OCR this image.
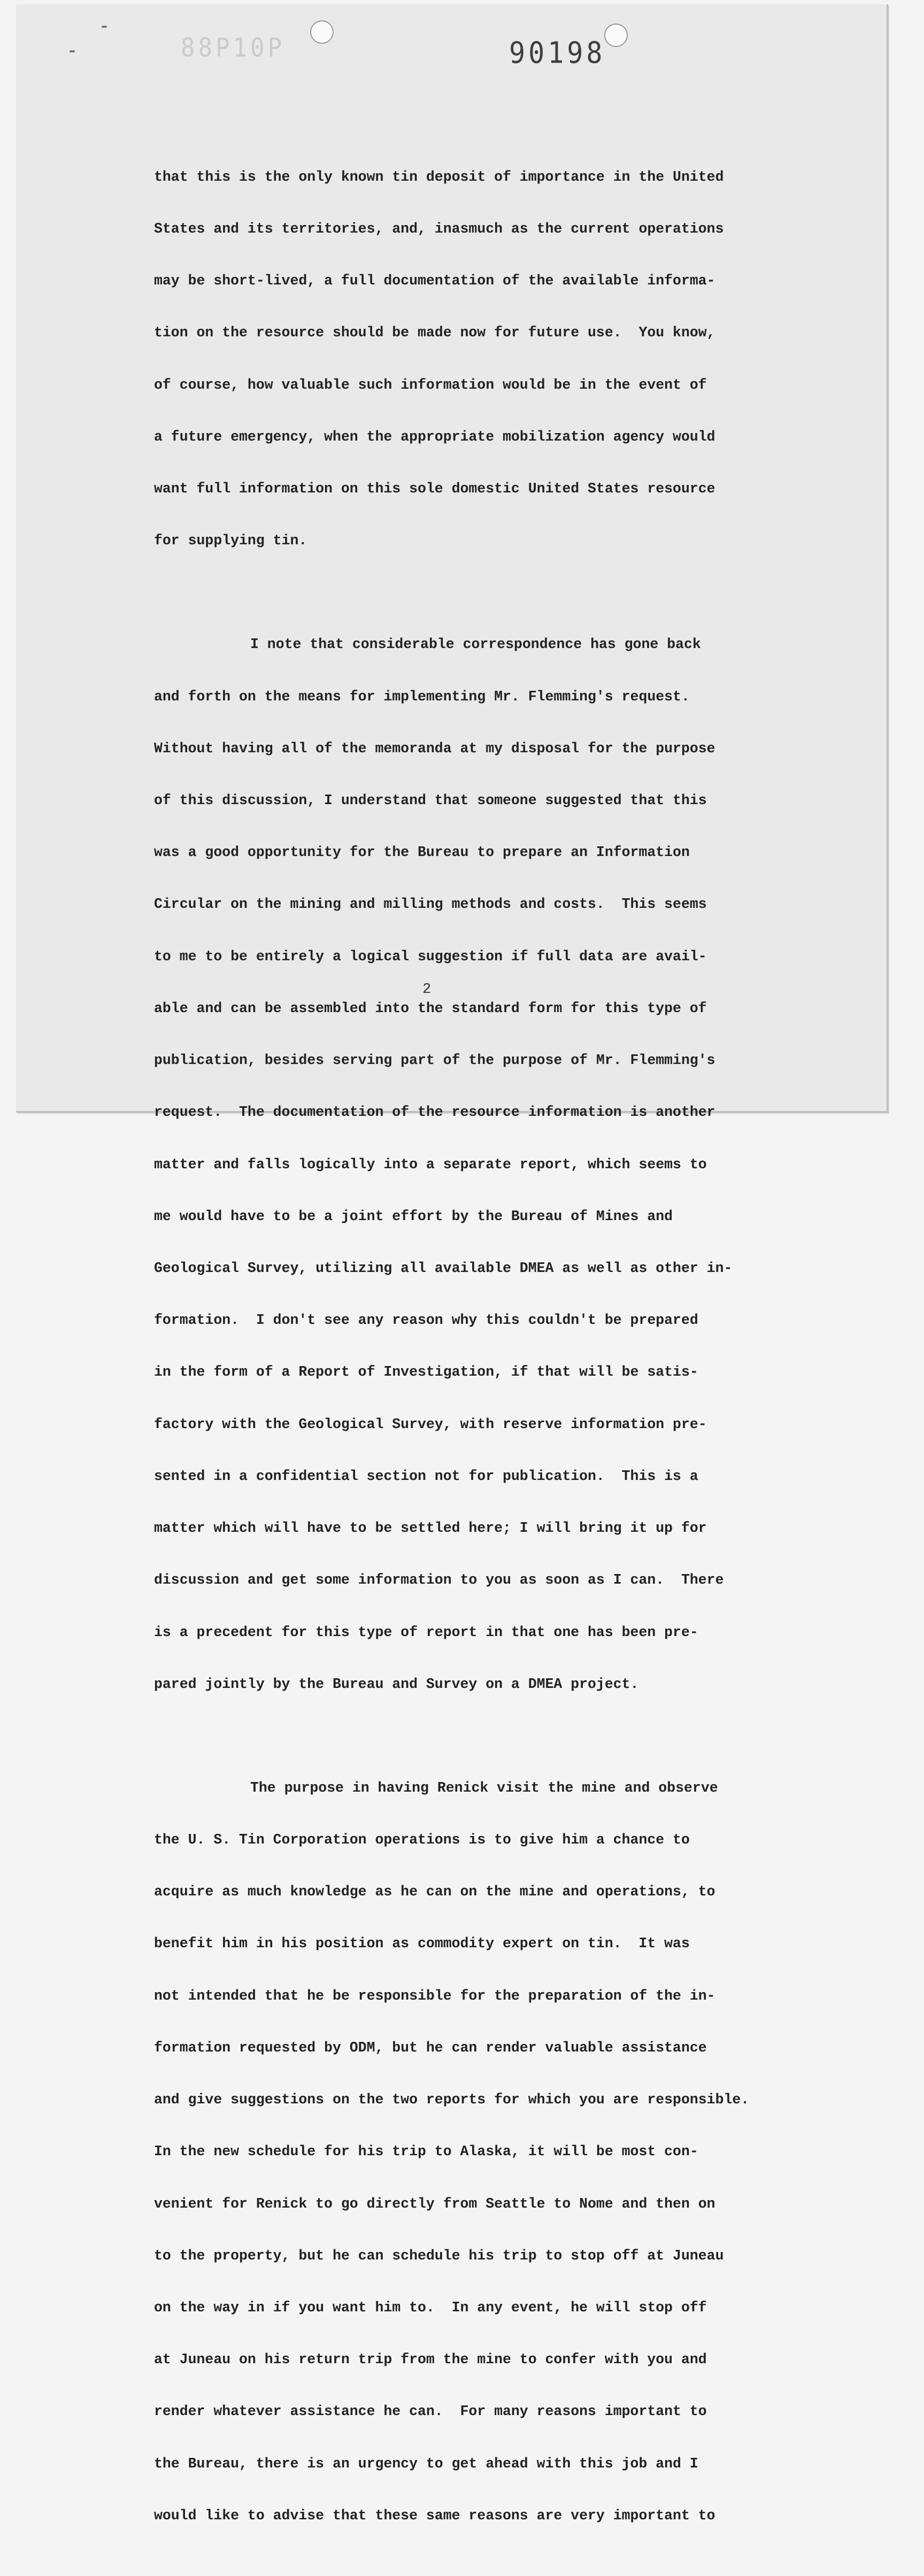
88P10P	90198

that this is the only known tin deposit of importance in the United

States and its territories, and, inasmuch as the current operations

may be short-lived, a full documentation of the available informa-

tion on the resource should be made now for future use.  You know,

of course, how valuable such information would be in the event of

a future emergency, when the appropriate mobilization agency would

want full information on this sole domestic United States resource

for supplying tin.

I note that considerable correspondence has gone back

and forth on the means for implementing Mr. Flemming's request.

Without having all of the memoranda at my disposal for the purpose

of this discussion, I understand that someone suggested that this

was a good opportunity for the Bureau to prepare an Information

Circular on the mining and milling methods and costs.  This seems

to me to be entirely a logical suggestion if full data are avail-

able and can be assembled into the standard form for this type of

publication, besides serving part of the purpose of Mr. Flemming's

request.  The documentation of the resource information is another

matter and falls logically into a separate report, which seems to

me would have to be a joint effort by the Bureau of Mines and

Geological Survey, utilizing all available DMEA as well as other in-

formation.  I don't see any reason why this couldn't be prepared

in the form of a Report of Investigation, if that will be satis-

factory with the Geological Survey, with reserve information pre-

sented in a confidential section not for publication.  This is a

matter which will have to be settled here; I will bring it up for

discussion and get some information to you as soon as I can.  There

is a precedent for this type of report in that one has been pre-

pared jointly by the Bureau and Survey on a DMEA project.

The purpose in having Renick visit the mine and observe

the U. S. Tin Corporation operations is to give him a chance to

acquire as much knowledge as he can on the mine and operations, to

benefit him in his position as commodity expert on tin.  It was

not intended that he be responsible for the preparation of the in-

formation requested by ODM, but he can render valuable assistance

and give suggestions on the two reports for which you are responsible.

In the new schedule for his trip to Alaska, it will be most con-

venient for Renick to go directly from Seattle to Nome and then on

to the property, but he can schedule his trip to stop off at Juneau

on the way in if you want him to.  In any event, he will stop off

at Juneau on his return trip from the mine to confer with you and

render whatever assistance he can.  For many reasons important to

the Bureau, there is an urgency to get ahead with this job and I

would like to advise that these same reasons are very important to

2
